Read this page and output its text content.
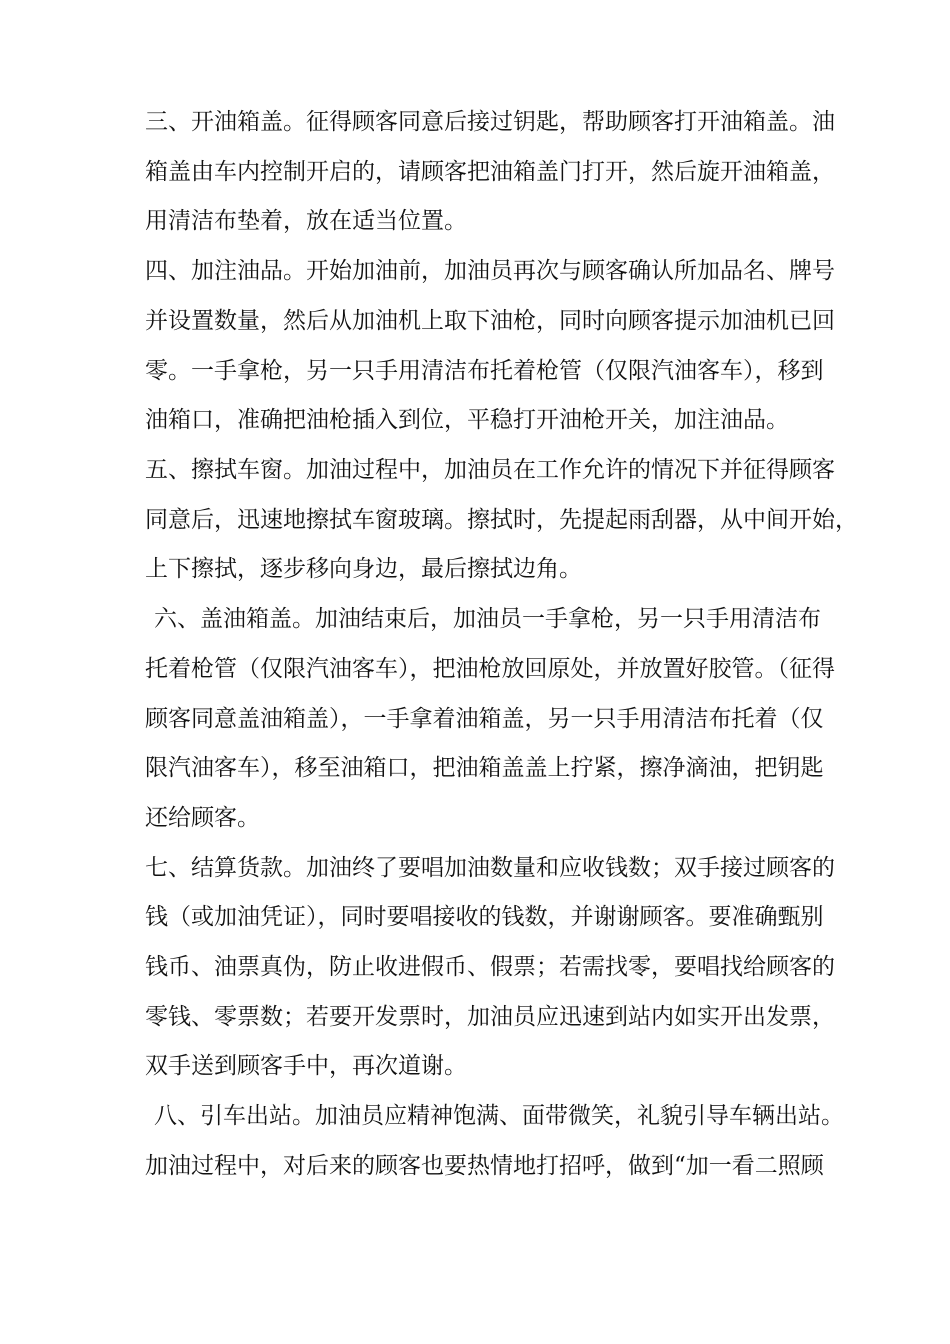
三、开油箱盖。征得顾客同意后接过钥匙，帮助顾客打开油箱盖。油
箱盖由车内控制开启的，请顾客把油箱盖门打开，然后旋开油箱盖，
用清洁布垫着，放在适当位置。
四、加注油品。开始加油前，加油员再次与顾客确认所加品名、牌号
并设置数量，然后从加油机上取下油枪，同时向顾客提示加油机已回
零。一手拿枪，另一只手用清洁布托着枪管（仅限汽油客车），移到
油箱口，准确把油枪插入到位，平稳打开油枪开关，加注油品。
五、擦拭车窗。加油过程中，加油员在工作允许的情况下并征得顾客
同意后，迅速地擦拭车窗玻璃。擦拭时，先提起雨刮器，从中间开始，
上下擦拭，逐步移向身边，最后擦拭边角。
六、盖油箱盖。加油结束后，加油员一手拿枪，另一只手用清洁布
托着枪管（仅限汽油客车），把油枪放回原处，并放置好胶管。（征得
顾客同意盖油箱盖），一手拿着油箱盖，另一只手用清洁布托着（仅
限汽油客车），移至油箱口，把油箱盖盖上拧紧，擦净滴油，把钥匙
还给顾客。
七、结算货款。加油终了要唱加油数量和应收钱数；双手接过顾客的
钱（或加油凭证），同时要唱接收的钱数，并谢谢顾客。要准确甄别
钱币、油票真伪，防止收进假币、假票；若需找零，要唱找给顾客的
零钱、零票数；若要开发票时，加油员应迅速到站内如实开出发票，
双手送到顾客手中，再次道谢。
八、引车出站。加油员应精神饱满、面带微笑，礼貌引导车辆出站。
加油过程中，对后来的顾客也要热情地打招呼，做到“加一看二照顾
